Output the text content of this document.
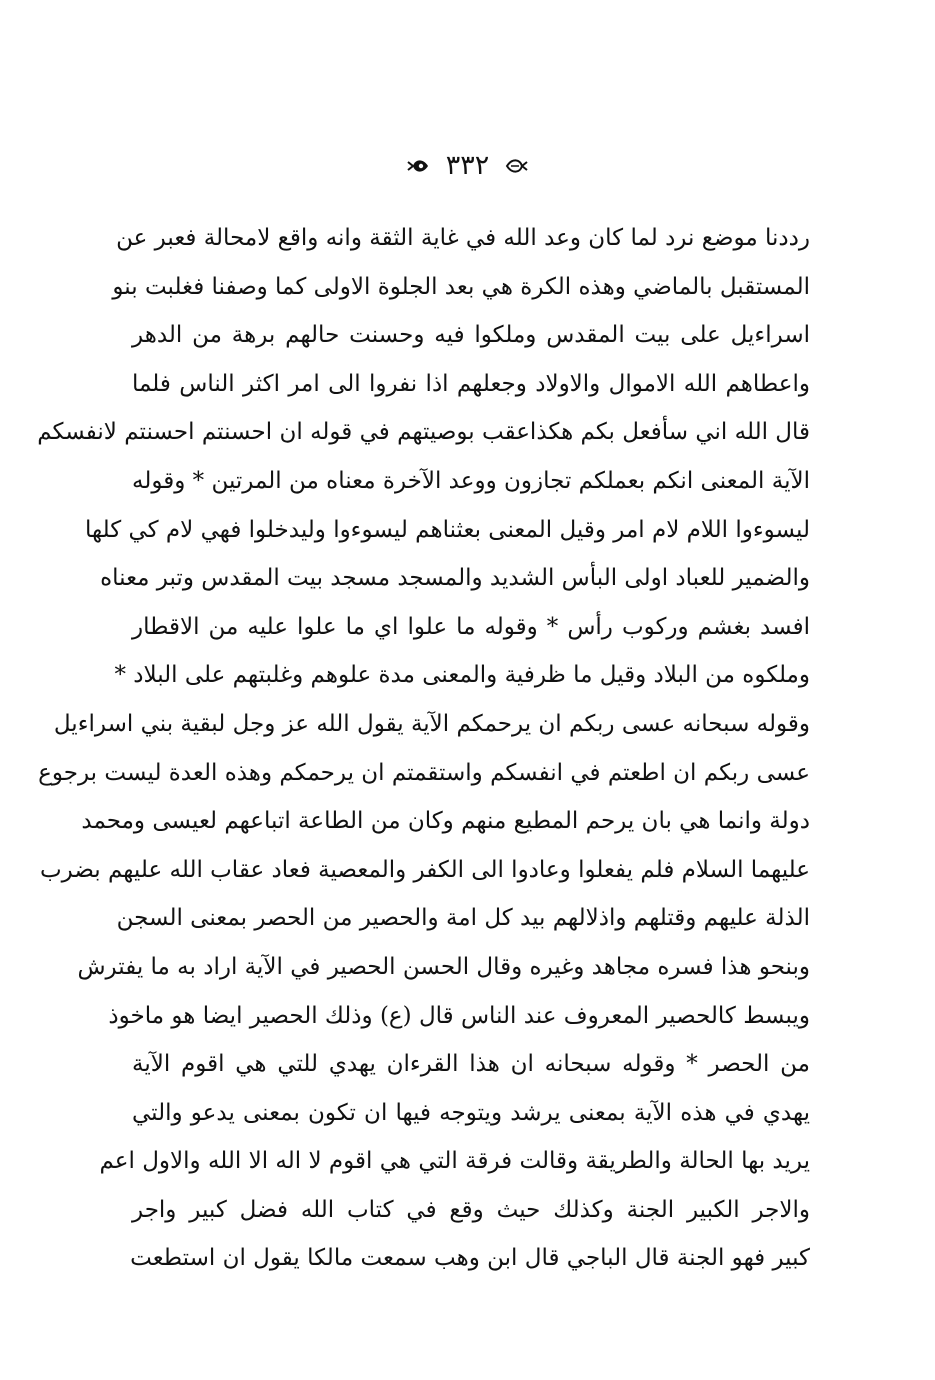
٣٣٢
رددنا موضع نرد لما كان وعد الله في غاية الثقة وانه واقع لامحالة فعبر عن
المستقبل بالماضي وهذه الكرة هي بعد الجلوة الاولى كما وصفنا فغلبت بنو
اسراءيل على بيت المقدس وملكوا فيه وحسنت حالهم برهة من الدهر
واعطاهم الله الاموال والاولاد وجعلهم اذا نفروا الى امر اكثر الناس فلما
قال الله اني سأفعل بكم هكذاعقب بوصيتهم في قوله ان احسنتم احسنتم لانفسكم
الآية المعنى انكم بعملكم تجازون ووعد الآخرة معناه من المرتين * وقوله
ليسوءوا اللام لام امر وقيل المعنى بعثناهم ليسوءوا وليدخلوا فهي لام كي كلها
والضمير للعباد اولى البأس الشديد والمسجد مسجد بيت المقدس وتبر معناه
افسد بغشم وركوب رأس * وقوله ما علوا اي ما علوا عليه من الاقطار
وملكوه من البلاد وقيل ما ظرفية والمعنى مدة علوهم وغلبتهم على البلاد *
وقوله سبحانه عسى ربكم ان يرحمكم الآية يقول الله عز وجل لبقية بني اسراءيل
عسى ربكم ان اطعتم في انفسكم واستقمتم ان يرحمكم وهذه العدة ليست برجوع
دولة وانما هي بان يرحم المطيع منهم وكان من الطاعة اتباعهم لعيسى ومحمد
عليهما السلام فلم يفعلوا وعادوا الى الكفر والمعصية فعاد عقاب الله عليهم بضرب
الذلة عليهم وقتلهم واذلالهم بيد كل امة والحصير من الحصر بمعنى السجن
وبنحو هذا فسره مجاهد وغيره وقال الحسن الحصير في الآية اراد به ما يفترش
ويبسط كالحصير المعروف عند الناس قال (ع) وذلك الحصير ايضا هو ماخوذ
من الحصر * وقوله سبحانه ان هذا القرءان يهدي للتي هي اقوم الآية
يهدي في هذه الآية بمعنى يرشد ويتوجه فيها ان تكون بمعنى يدعو والتي
يريد بها الحالة والطريقة وقالت فرقة التي هي اقوم لا اله الا الله والاول اعم
والاجر الكبير الجنة وكذلك حيث وقع في كتاب الله فضل كبير واجر
كبير فهو الجنة قال الباجي قال ابن وهب سمعت مالكا يقول ان استطعت
